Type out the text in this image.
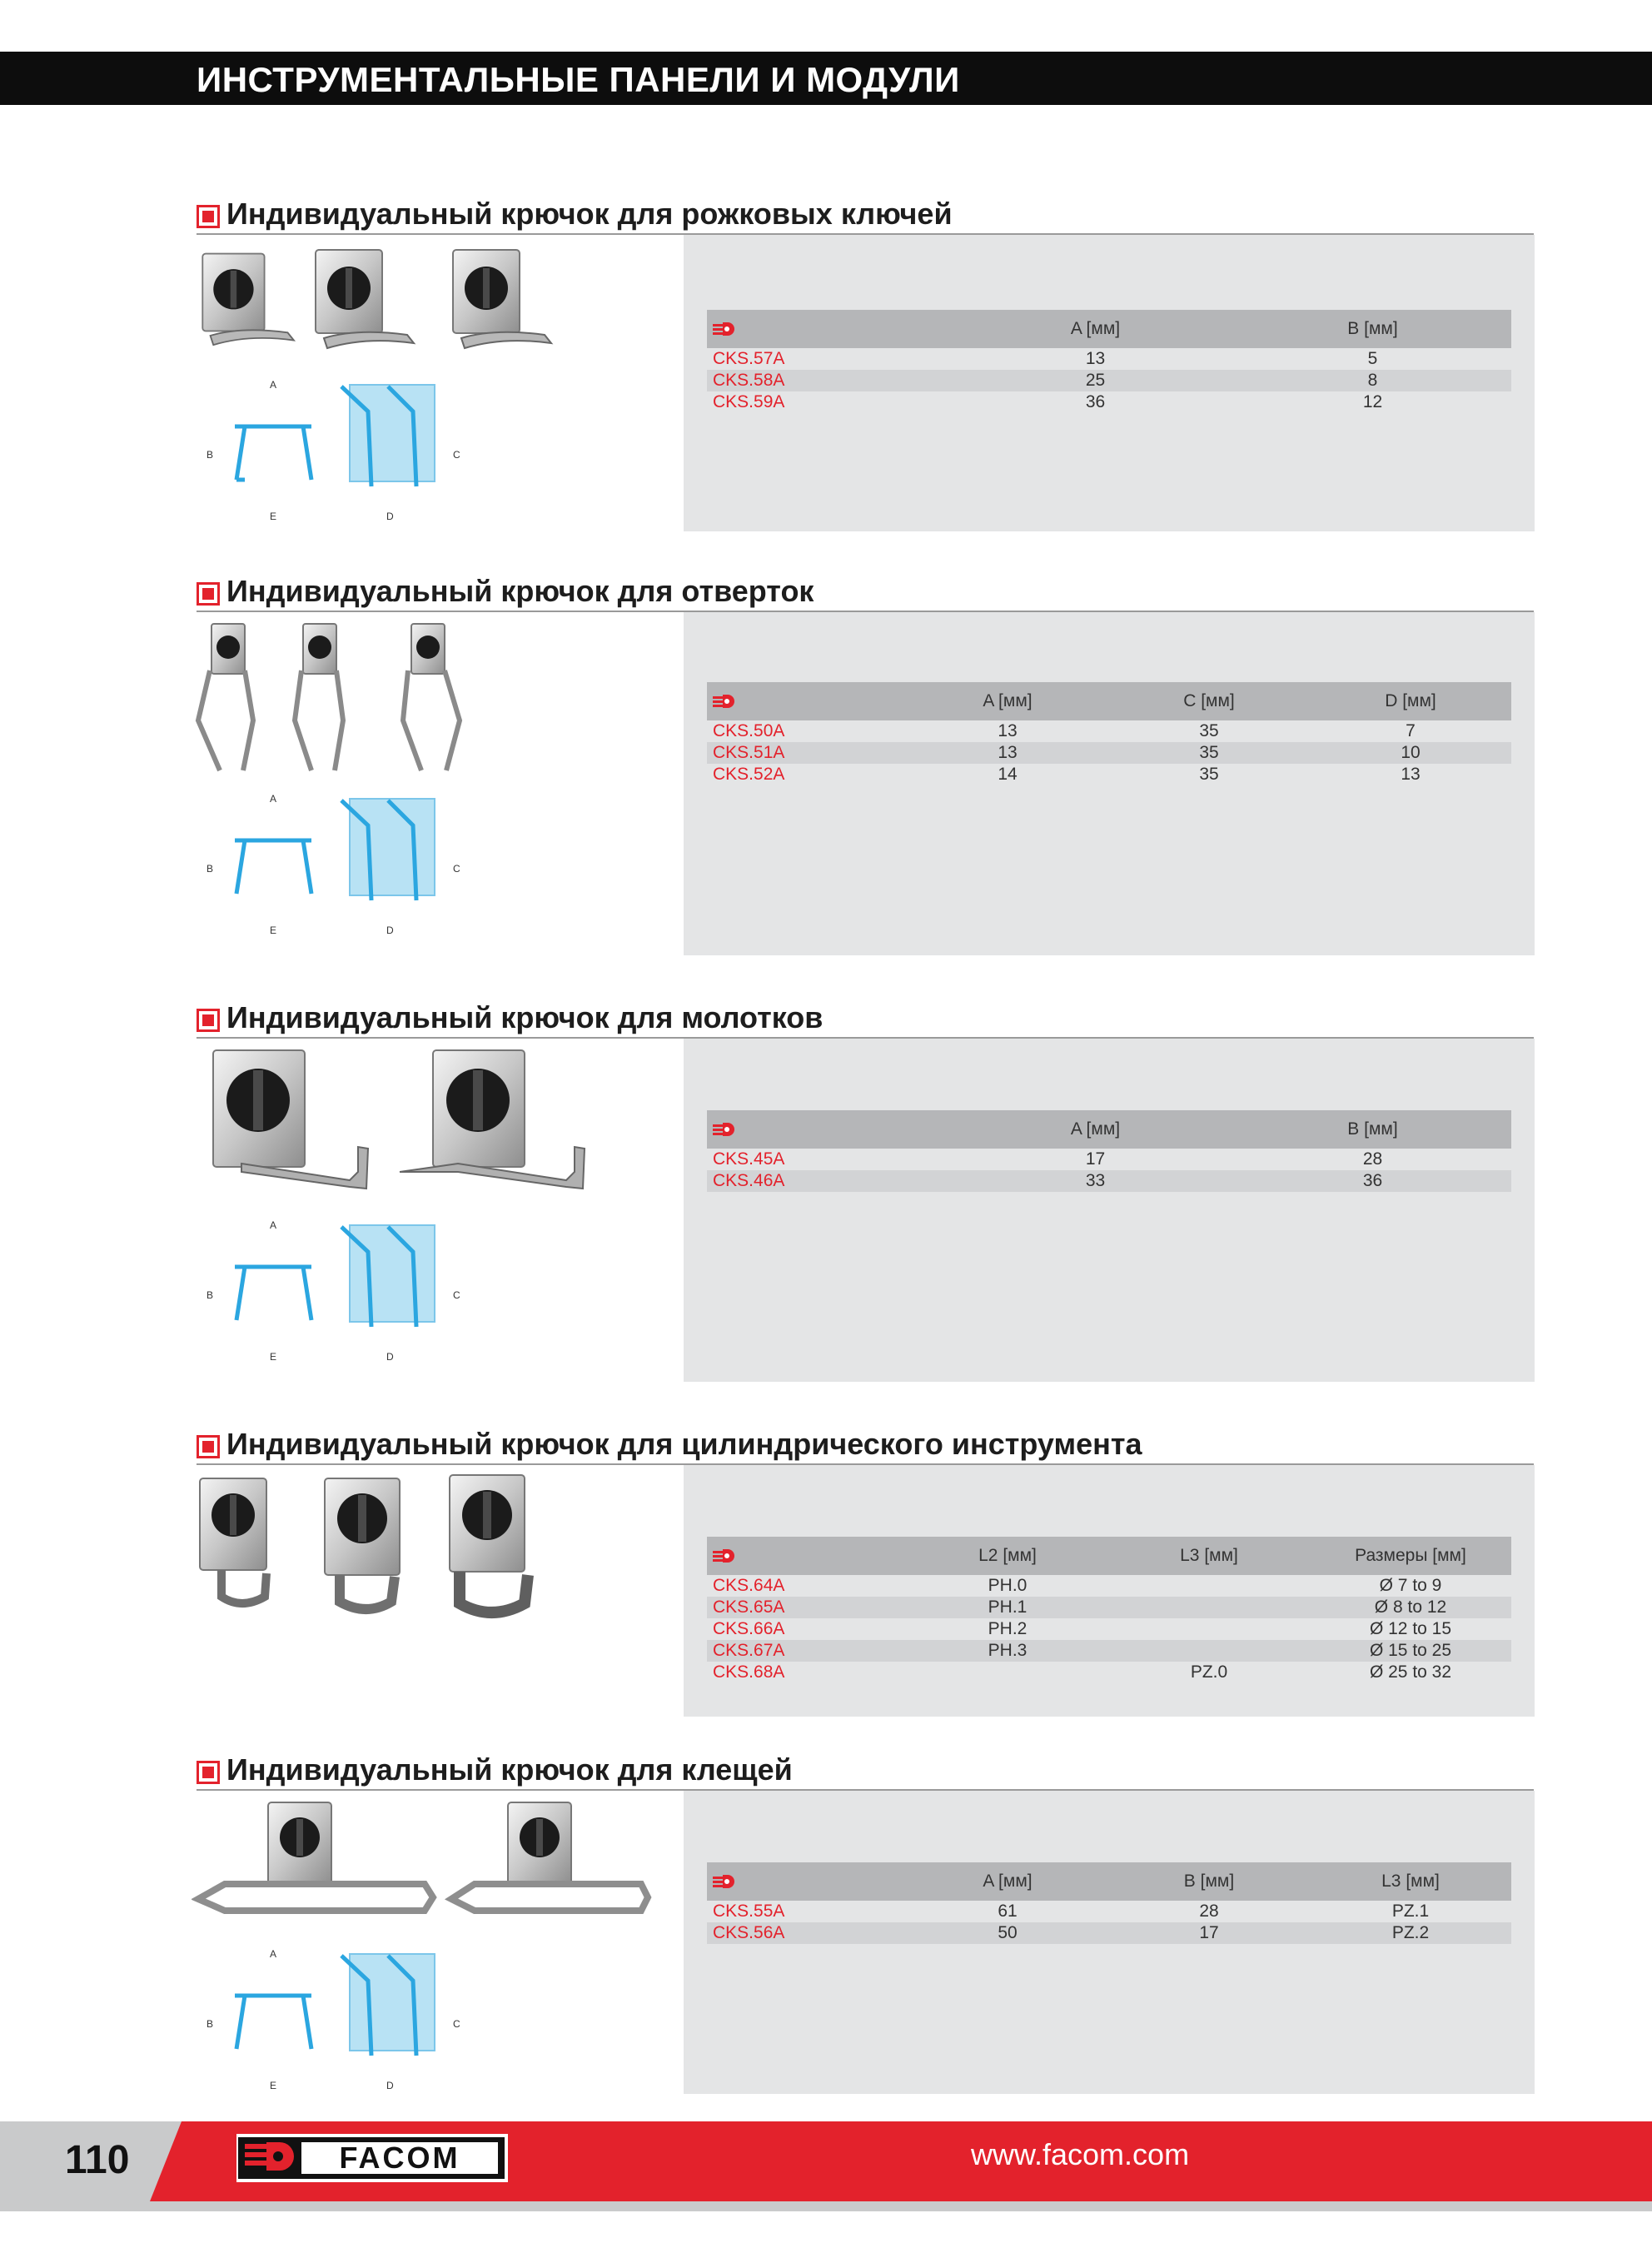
ИНСТРУМЕНТАЛЬНЫЕ ПАНЕЛИ И МОДУЛИ
Индивидуальный крючок для рожковых ключей
A
B	C
D
E
	A [мм]	B [мм]
CKS.57A	13	5
CKS.58A	25	8
CKS.59A	36	12
Индивидуальный крючок для отверток
A
B	C
D
E
	A [мм]	C [мм]	D [мм]
CKS.50A	13	35	7
CKS.51A	13	35	10
CKS.52A	14	35	13
Индивидуальный крючок для молотков
A
B	C
D
E
	A [мм]	B [мм]
CKS.45A	17	28
CKS.46A	33	36
Индивидуальный крючок для цилиндрического инструмента
	L2 [мм]	L3 [мм]	Размеры [мм]
CKS.64A	PH.0		Ø 7 to 9
CKS.65A	PH.1		Ø 8 to 12
CKS.66A	PH.2		Ø 12 to 15
CKS.67A	PH.3		Ø 15 to 25
CKS.68A		PZ.0	Ø 25 to 32
Индивидуальный крючок для клещей
A
B	C
D
E
	A [мм]	B [мм]	L3 [мм]
CKS.55A	61	28	PZ.1
CKS.56A	50	17	PZ.2
110	FACOM	www.facom.com
